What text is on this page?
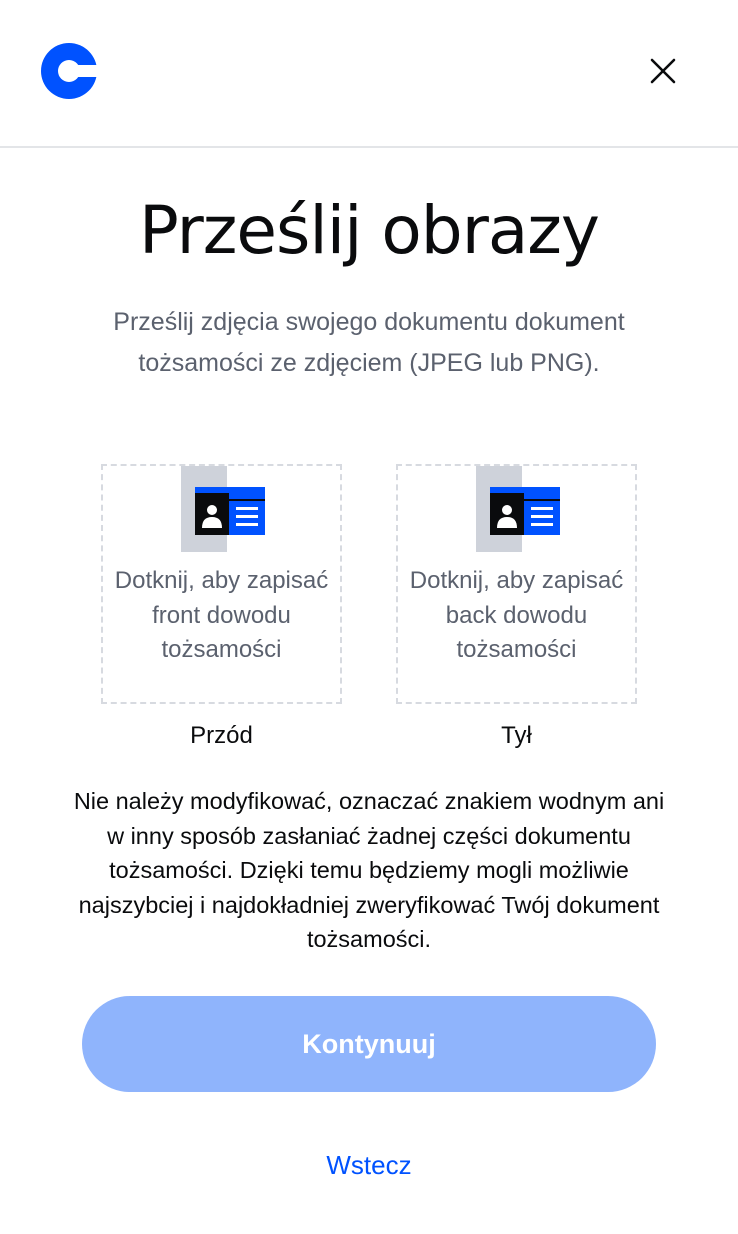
Prześlij obrazy

Prześlij zdjęcia swojego dokumentu dokument tożsamości ze zdjęciem (JPEG lub PNG).

Dotknij, aby zapisać front dowodu tożsamości
Przód
Dotknij, aby zapisać back dowodu tożsamości
Tył

Nie należy modyfikować, oznaczać znakiem wodnym ani w inny sposób zasłaniać żadnej części dokumentu tożsamości. Dzięki temu będziemy mogli możliwie najszybciej i najdokładniej zweryfikować Twój dokument tożsamości.

Kontynuuj
Wstecz
